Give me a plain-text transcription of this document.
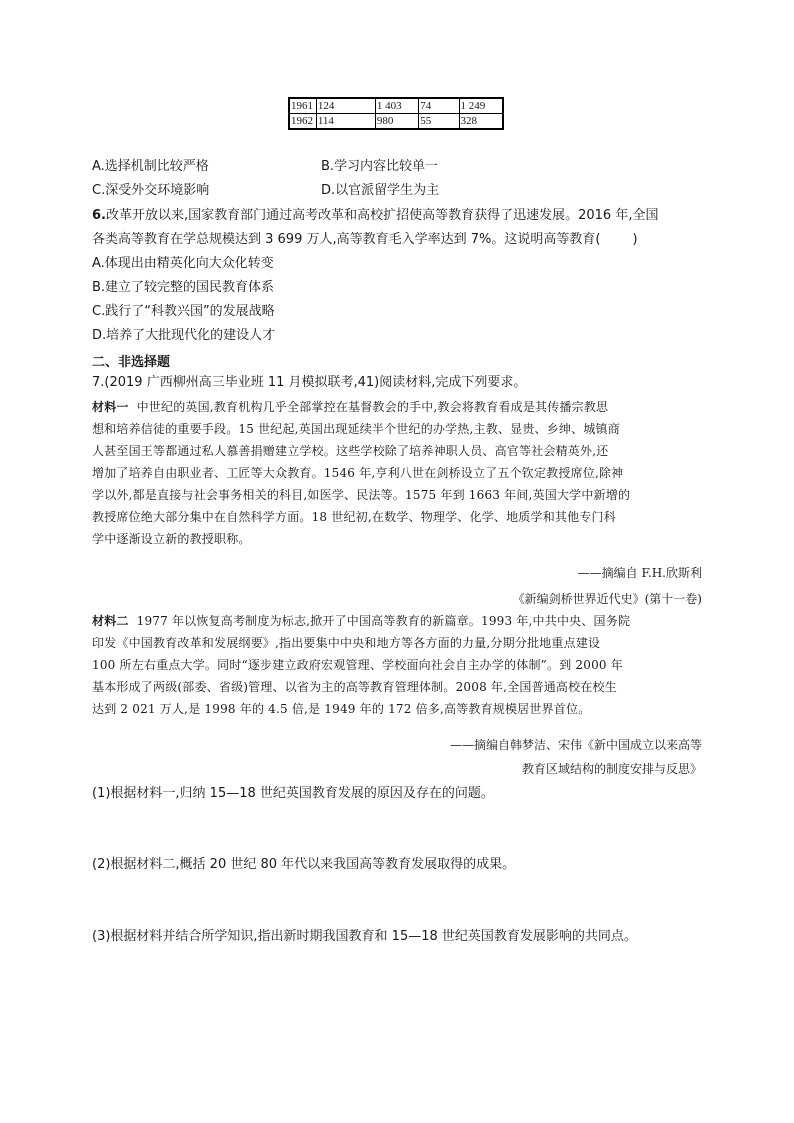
1961	124	1 403	74	1 249
1962	114	980	55	328
A.选择机制比较严格	B.学习内容比较单一
C.深受外交环境影响	D.以官派留学生为主
6.改革开放以来,国家教育部门通过高考改革和高校扩招使高等教育获得了迅速发展。2016 年,全国
各类高等教育在学总规模达到 3 699 万人,高等教育毛入学率达到 7%。这说明高等教育( )
A.体现出由精英化向大众化转变
B.建立了较完整的国民教育体系
C.践行了“科教兴国”的发展战略
D.培养了大批现代化的建设人才
二、非选择题
7.(2019 广西柳州高三毕业班 11 月模拟联考,41)阅读材料,完成下列要求。
材料一 中世纪的英国,教育机构几乎全部掌控在基督教会的手中,教会将教育看成是其传播宗教思
想和培养信徒的重要手段。15 世纪起,英国出现延续半个世纪的办学热,主教、显贵、乡绅、城镇商
人甚至国王等都通过私人慕善捐赠建立学校。这些学校除了培养神职人员、高官等社会精英外,还
增加了培养自由职业者、工匠等大众教育。1546 年,亨利八世在剑桥设立了五个钦定教授席位,除神
学以外,都是直接与社会事务相关的科目,如医学、民法等。1575 年到 1663 年间,英国大学中新增的
教授席位绝大部分集中在自然科学方面。18 世纪初,在数学、物理学、化学、地质学和其他专门科
学中逐渐设立新的教授职称。
——摘编自 F.H.欣斯利
《新编剑桥世界近代史》(第十一卷)
材料二 1977 年以恢复高考制度为标志,掀开了中国高等教育的新篇章。1993 年,中共中央、国务院
印发《中国教育改革和发展纲要》,指出要集中中央和地方等各方面的力量,分期分批地重点建设
100 所左右重点大学。同时“逐步建立政府宏观管理、学校面向社会自主办学的体制”。到 2000 年
基本形成了两级(部委、省级)管理、以省为主的高等教育管理体制。2008 年,全国普通高校在校生
达到 2 021 万人,是 1998 年的 4.5 倍,是 1949 年的 172 倍多,高等教育规模居世界首位。
——摘编自韩梦洁、宋伟《新中国成立以来高等
教育区域结构的制度安排与反思》
(1)根据材料一,归纳 15—18 世纪英国教育发展的原因及存在的问题。
(2)根据材料二,概括 20 世纪 80 年代以来我国高等教育发展取得的成果。
(3)根据材料并结合所学知识,指出新时期我国教育和 15—18 世纪英国教育发展影响的共同点。
